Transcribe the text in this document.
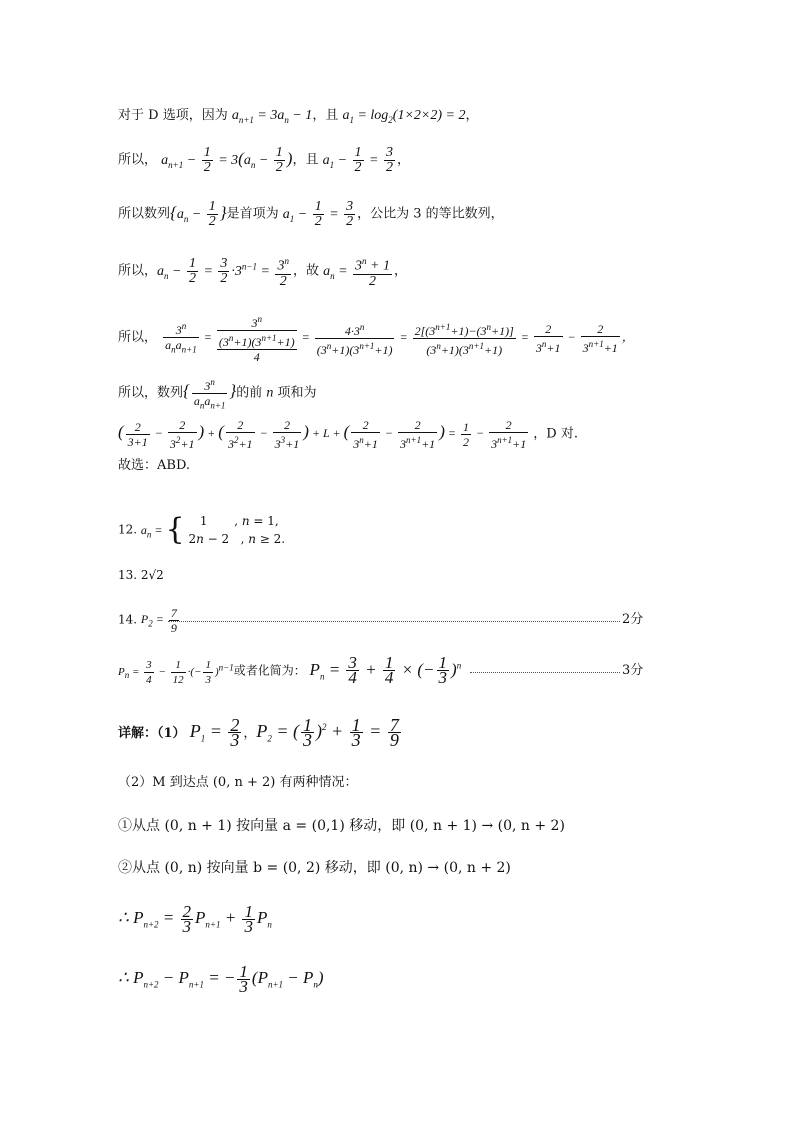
对于 D 选项，因为 $a_{n+1} = 3a_n - 1$，且 $a_1 = \log_2(1\times 2\times 2) = 2$，
所以， $a_{n+1} - \frac{1}{2} = 3(a_n - \frac{1}{2}$ )，且 $a_1 - \frac{1}{2} = \frac{3}{2}$ ，
所以数列{$a_n - \frac{1}{2}$ }是首项为 $a_1 - \frac{1}{2} = \frac{3}{2}$ ，公比为 3 的等比数列，
所以，$a_n - \frac{1}{2} = \frac{3}{2} \cdot 3^{n-1} = \frac{3^n}{2}$ ，故 $a_n = \frac{3^n + 1}{2}$ ，
所以， $\frac{3^n}{a_na_{n+1}}$ =
3$^n$
$(3^n+1)(3^{n+1}+1)$
4
= $\frac{4\cdot 3^n}{(3^n+1)(3^{n+1}+1)} = \frac{2[(3^{n+1}+1)-(3^n+1)]}{(3^n+1)(3^{n+1}+1)} = \frac{2}{3^n+1} - \frac{2}{3^{n+1}+1}$ ，
所以，数列{ $\frac{3^n}{a_na_{n+1}}$ }的前 n 项和为
( $\frac{2}{3+1} - \frac{2}{3^2+1}$ ) + ( $\frac{2}{3^2+1} - \frac{2}{3^3+1}$ ) + L + ( $\frac{2}{3^n+1} - \frac{2}{3^{n+1}+1}$ ) = $\frac{1}{2} - \frac{2}{3^{n+1}+1}$ ，D 对.
故选：ABD.
12. $a_n$ = { 1       , n = 1,
2n − 2   , n ≥ 2.
13. 2√2
14. $P_2 = \frac{7}{9}$	2分
$P_n = \frac{3}{4} - \frac{1}{12}$ ·(− $\frac{1}{3} )^{n-1}$或者化简为： $P_n = \frac{3}{4} + \frac{1}{4}$ × (− $\frac{1}{3} )^n$	3分
详解：（1） $P_1 = \frac{2}{3}$ ，$P_2$ = ( $\frac{1}{3} )^2 + \frac{1}{3} = \frac{7}{9}$
（2）M 到达点 (0, n + 2) 有两种情况：
①从点 (0, n + 1) 按向量 a = (0,1) 移动，即 (0, n + 1) → (0, n + 2)
②从点 (0, n) 按向量 b = (0, 2) 移动，即 (0, n) → (0, n + 2)
∴ $P_{n+2} = \frac{2}{3} P_{n+1} + \frac{1}{3} P_n$
∴ $P_{n+2} - P_{n+1}$ = − $\frac{1}{3} (P_{n+1} - P_n)$
